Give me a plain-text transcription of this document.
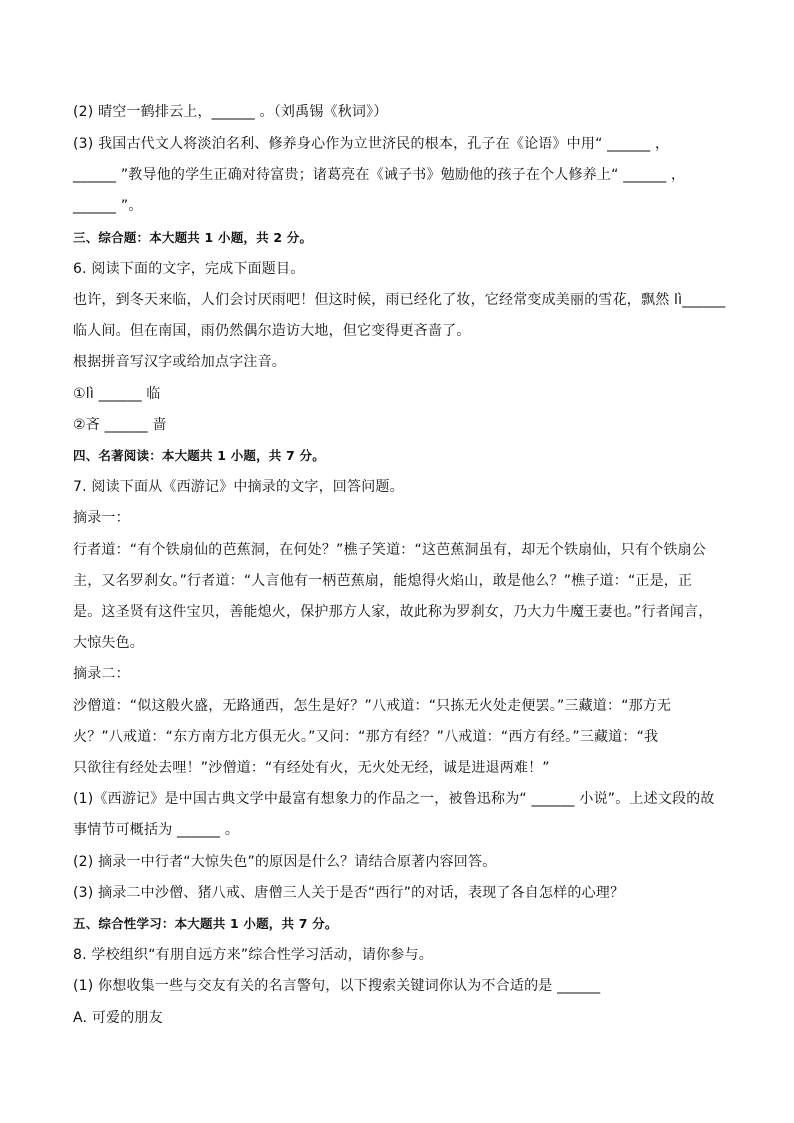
(2) 晴空一鹤排云上，______ 。（刘禹锡《秋词》）
(3) 我国古代文人将淡泊名利、修养身心作为立世济民的根本，孔子在《论语》中用“ ______ ，
______ ”教导他的学生正确对待富贵；诸葛亮在《诫子书》勉励他的孩子在个人修养上“ ______ ，
______ ”。
三、综合题：本大题共 1 小题，共 2 分。
6. 阅读下面的文字，完成下面题目。
也许，到冬天来临，人们会讨厌雨吧！但这时候，雨已经化了妆，它经常变成美丽的雪花，飘然 lì______
临人间。但在南国，雨仍然偶尔造访大地，但它变得更吝啬了。
根据拼音写汉字或给加点字注音。
①lì ______ 临
②吝 ______ 啬
四、名著阅读：本大题共 1 小题，共 7 分。
7. 阅读下面从《西游记》中摘录的文字，回答问题。
摘录一：
行者道：“有个铁扇仙的芭蕉洞，在何处？”樵子笑道：“这芭蕉洞虽有，却无个铁扇仙，只有个铁扇公
主，又名罗刹女。”行者道：“人言他有一柄芭蕉扇，能熄得火焰山，敢是他么？”樵子道：“正是，正
是。这圣贤有这件宝贝，善能熄火，保护那方人家，故此称为罗刹女，乃大力牛魔王妻也。”行者闻言，
大惊失色。
摘录二：
沙僧道：“似这般火盛，无路通西，怎生是好？”八戒道：“只拣无火处走便罢。”三藏道：“那方无
火？”八戒道：“东方南方北方俱无火。”又问：“那方有经？”八戒道：“西方有经。”三藏道：“我
只欲往有经处去哩！”沙僧道：“有经处有火，无火处无经，诚是进退两难！”
(1)《西游记》是中国古典文学中最富有想象力的作品之一，被鲁迅称为“ ______ 小说”。上述文段的故
事情节可概括为 ______ 。
(2) 摘录一中行者“大惊失色”的原因是什么？请结合原著内容回答。
(3) 摘录二中沙僧、猪八戒、唐僧三人关于是否“西行”的对话，表现了各自怎样的心理？
五、综合性学习：本大题共 1 小题，共 7 分。
8. 学校组织“有朋自远方来”综合性学习活动，请你参与。
(1) 你想收集一些与交友有关的名言警句，以下搜索关键词你认为不合适的是 ______
A. 可爱的朋友
